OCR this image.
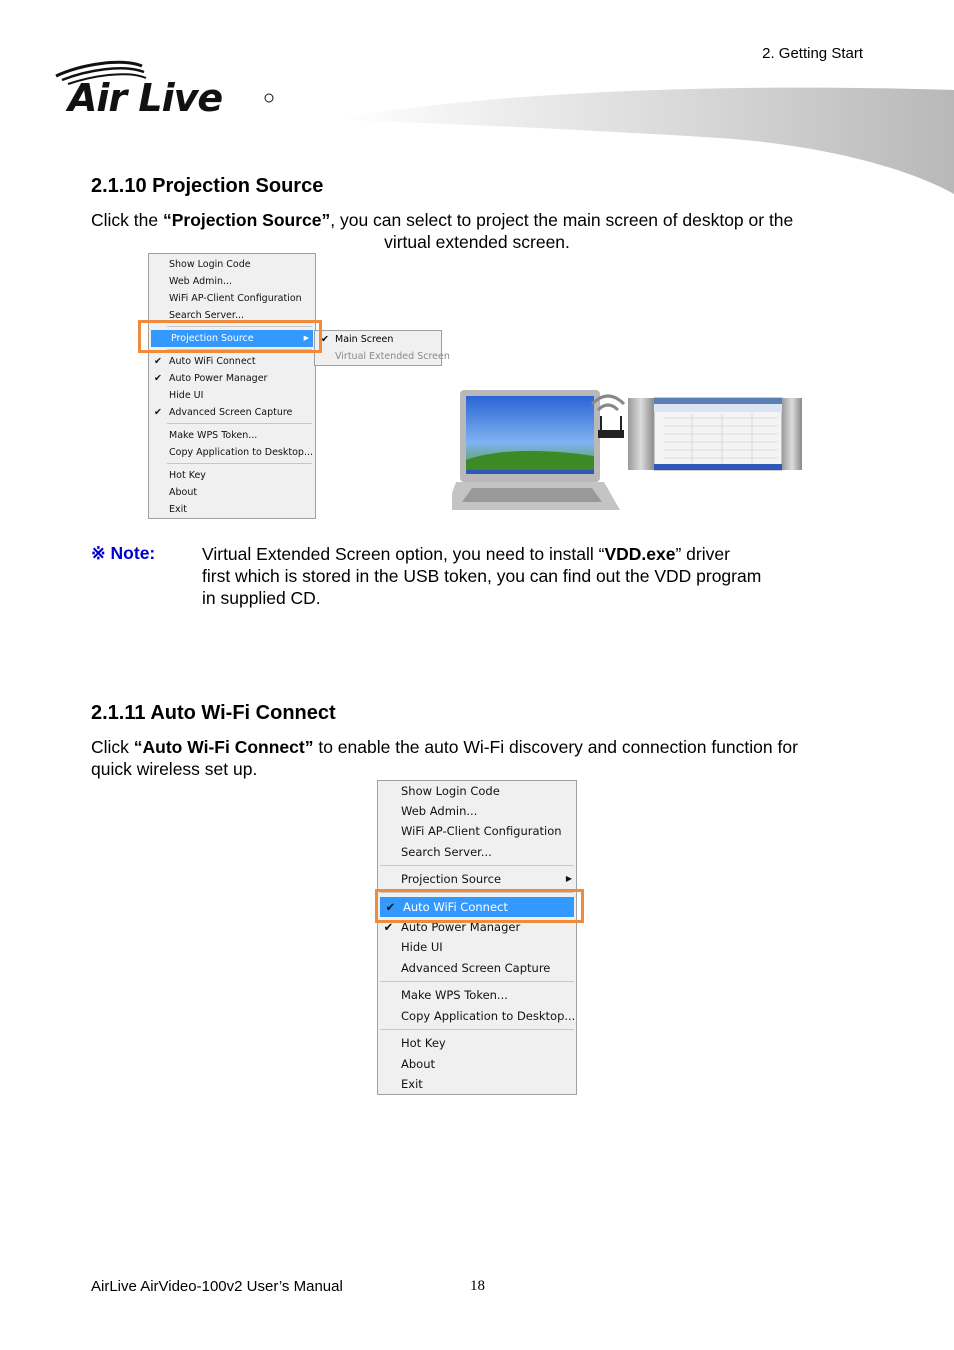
2. Getting Start
Air Live
2.1.10 Projection Source

Click the “Projection Source”, you can select to project the main screen of desktop or the

virtual extended screen.

Show Login Code
Web Admin...
WiFi AP-Client Configuration
Search Server...
Projection Source	▶
✔ Auto WiFi Connect
✔ Auto Power Manager
Hide UI
✔ Advanced Screen Capture
Make WPS Token...
Copy Application to Desktop...
Hot Key
About
Exit
✔ Main Screen
Virtual Extended Screen
※ Note:	Virtual Extended Screen option, you need to install “VDD.exe” driver

first which is stored in the USB token, you can find out the VDD program

in supplied CD.

2.1.11 Auto Wi-Fi Connect

Click “Auto Wi-Fi Connect” to enable the auto Wi-Fi discovery and connection function for

quick wireless set up.

Show Login Code
Web Admin...
WiFi AP-Client Configuration
Search Server...
Projection Source	▶
✔ Auto WiFi Connect
✔ Auto Power Manager
Hide UI
Advanced Screen Capture
Make WPS Token...
Copy Application to Desktop...
Hot Key
About
Exit
AirLive AirVideo-100v2 User’s Manual	18
